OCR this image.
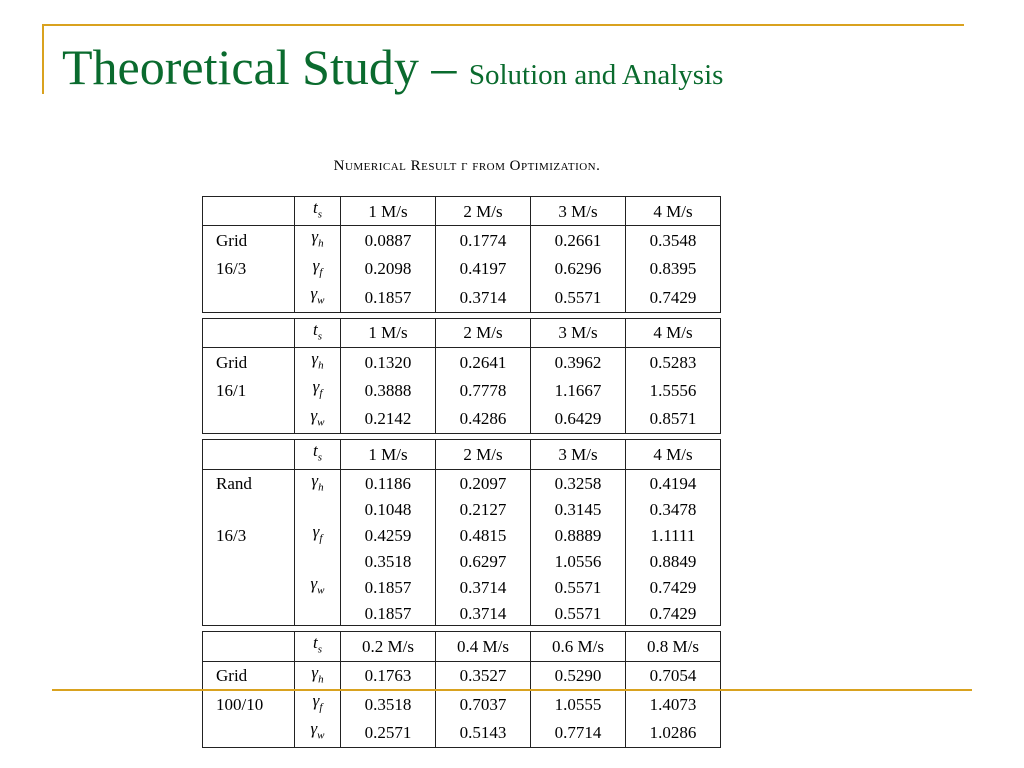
Theoretical Study – Solution and Analysis
Numerical Result γ from Optimization.
	$t_s$	1 M/s	2 M/s	3 M/s	4 M/s
Grid	$\gamma_h$	0.0887	0.1774	0.2661	0.3548
16/3	$\gamma_f$	0.2098	0.4197	0.6296	0.8395
	$\gamma_w$	0.1857	0.3714	0.5571	0.7429
	$t_s$	1 M/s	2 M/s	3 M/s	4 M/s
Grid	$\gamma_h$	0.1320	0.2641	0.3962	0.5283
16/1	$\gamma_f$	0.3888	0.7778	1.1667	1.5556
	$\gamma_w$	0.2142	0.4286	0.6429	0.8571
	$t_s$	1 M/s	2 M/s	3 M/s	4 M/s
Rand	$\gamma_h$	0.1186	0.2097	0.3258	0.4194
		0.1048	0.2127	0.3145	0.3478
16/3	$\gamma_f$	0.4259	0.4815	0.8889	1.1111
		0.3518	0.6297	1.0556	0.8849
	$\gamma_w$	0.1857	0.3714	0.5571	0.7429
		0.1857	0.3714	0.5571	0.7429
	$t_s$	0.2 M/s	0.4 M/s	0.6 M/s	0.8 M/s
Grid	$\gamma_h$	0.1763	0.3527	0.5290	0.7054
100/10	$\gamma_f$	0.3518	0.7037	1.0555	1.4073
	$\gamma_w$	0.2571	0.5143	0.7714	1.0286
